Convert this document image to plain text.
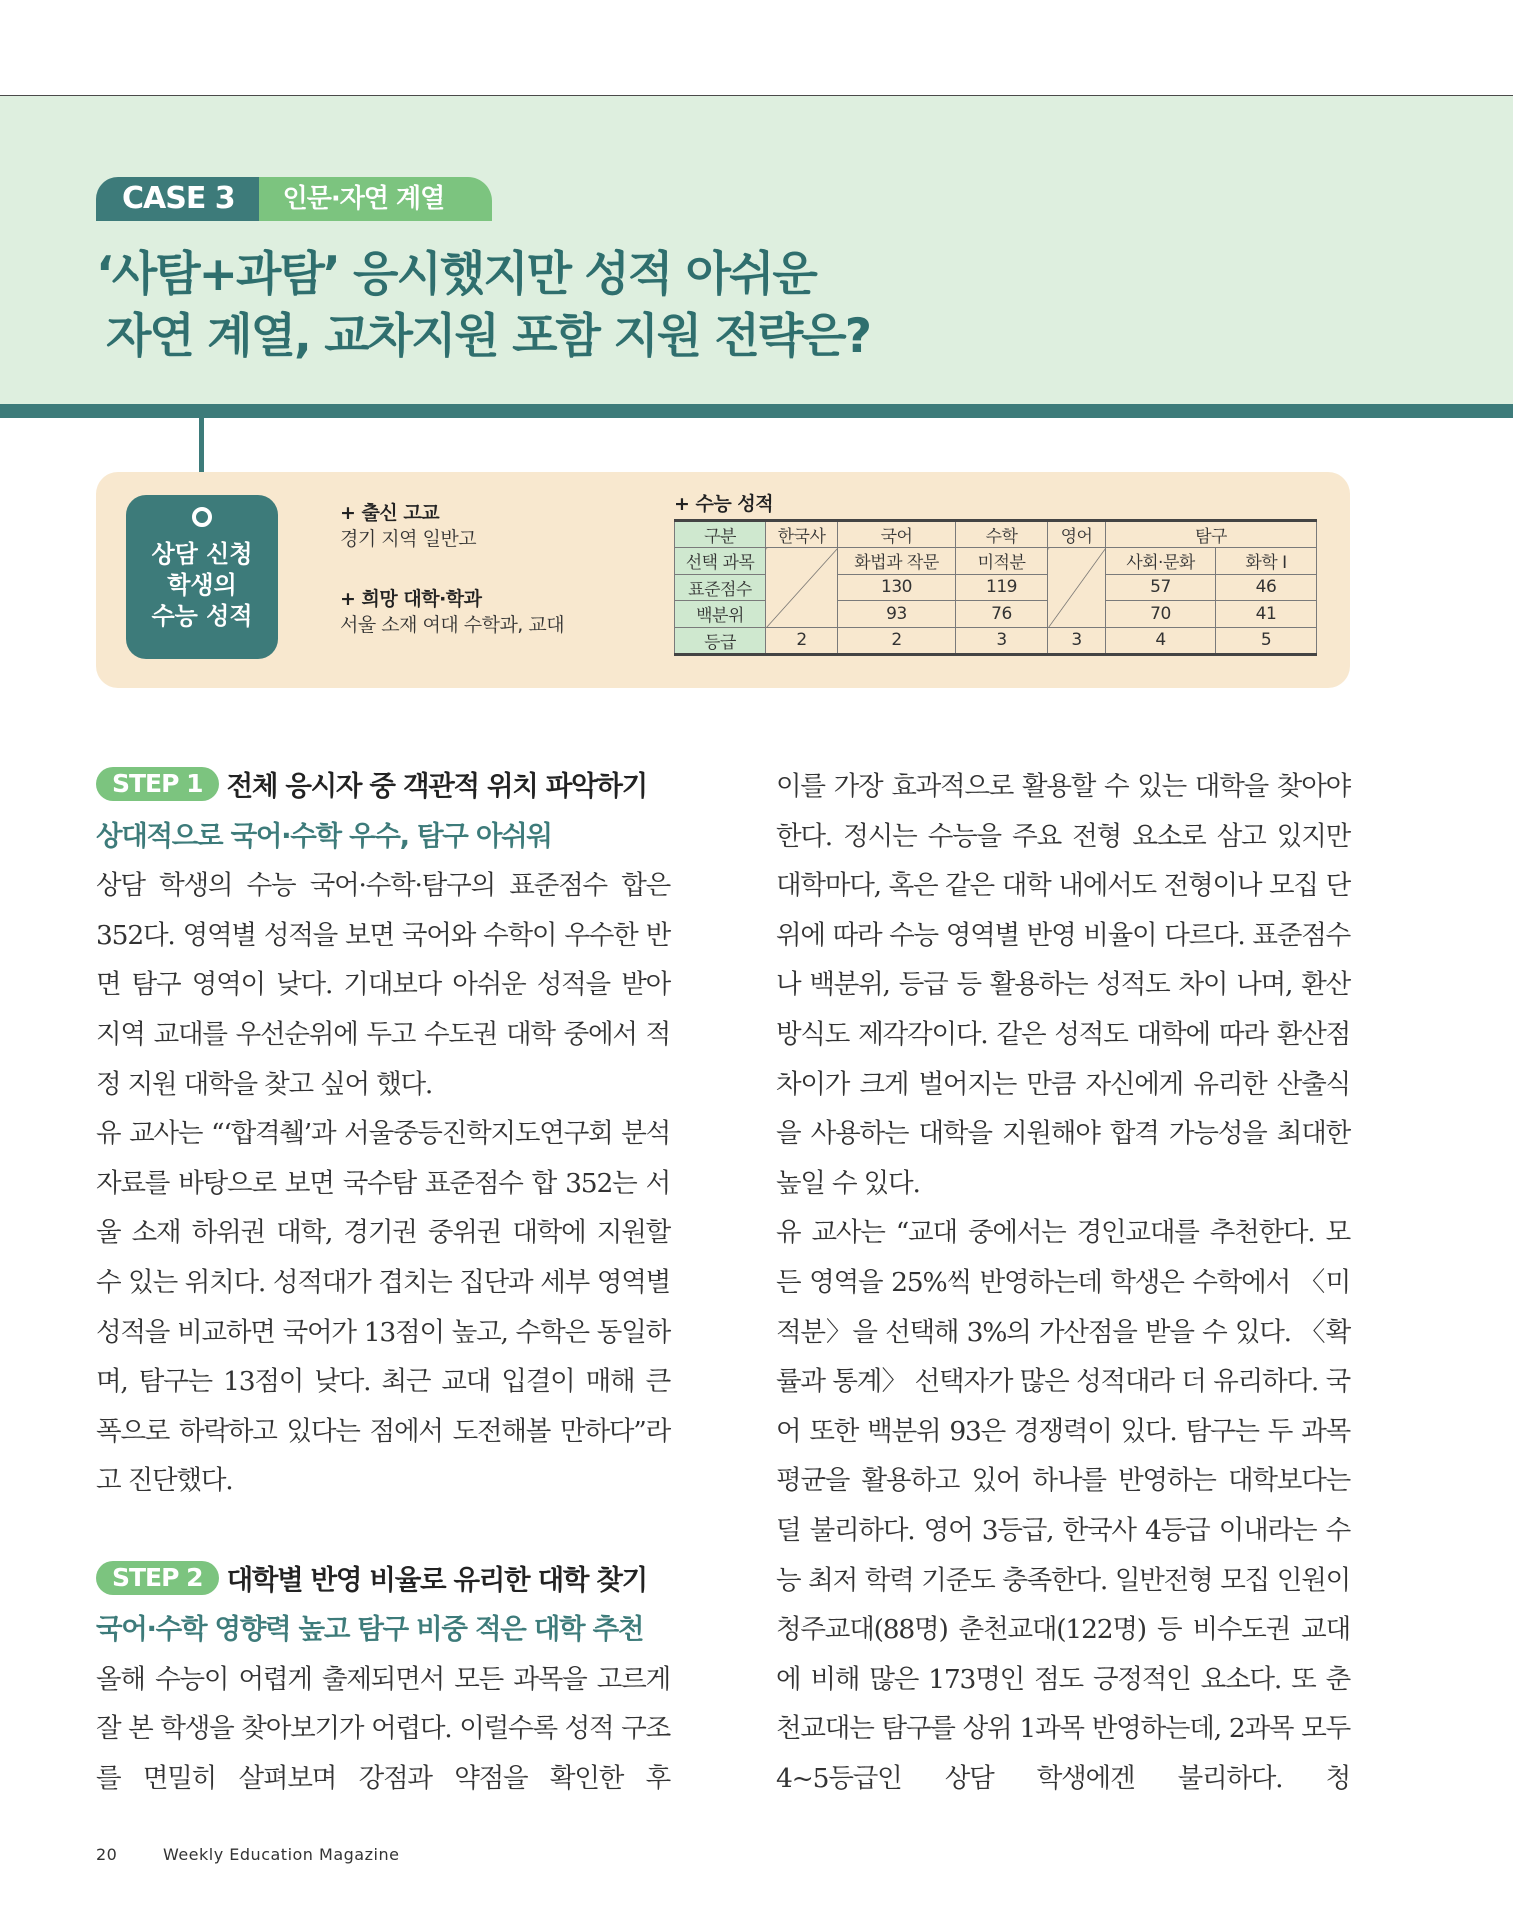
CASE 3	인문·자연 계열
‘사탐+과탐’ 응시했지만 성적 아쉬운
자연 계열, 교차지원 포함 지원 전략은?
상담 신청
학생의
수능 성적
+ 출신 고교
경기 지역 일반고
+ 희망 대학·학과
서울 소재 여대 수학과, 교대
+ 수능 성적
구분	한국사	국어	수학	영어	탐구	
선택 과목		화법과 작문	미적분		사회·문화	화학 Ⅰ
표준점수		130	119		57	46
백분위		93	76		70	41
등급	2	2	3	3	4	5
STEP 1 전체 응시자 중 객관적 위치 파악하기
상대적으로 국어·수학 우수, 탐구 아쉬워

상담 학생의 수능 국어·수학·탐구의 표준점수 합은 352다. 영역별 성적을 보면 국어와 수학이 우수한 반면 탐구 영역이 낮다. 기대보다 아쉬운 성적을 받아 지역 교대를 우선순위에 두고 수도권 대학 중에서 적정 지원 대학을 찾고 싶어 했다.

유 교사는 “‘합격췤’과 서울중등진학지도연구회 분석 자료를 바탕으로 보면 국수탐 표준점수 합 352는 서울 소재 하위권 대학, 경기권 중위권 대학에 지원할 수 있는 위치다. 성적대가 겹치는 집단과 세부 영역별 성적을 비교하면 국어가 13점이 높고, 수학은 동일하며, 탐구는 13점이 낮다. 최근 교대 입결이 매해 큰 폭으로 하락하고 있다는 점에서 도전해볼 만하다”라고 진단했다.

STEP 2 대학별 반영 비율로 유리한 대학 찾기
국어·수학 영향력 높고 탐구 비중 적은 대학 추천

올해 수능이 어렵게 출제되면서 모든 과목을 고르게 잘 본 학생을 찾아보기가 어렵다. 이럴수록 성적 구조를 면밀히 살펴보며 강점과 약점을 확인한 후

이를 가장 효과적으로 활용할 수 있는 대학을 찾아야 한다. 정시는 수능을 주요 전형 요소로 삼고 있지만 대학마다, 혹은 같은 대학 내에서도 전형이나 모집 단위에 따라 수능 영역별 반영 비율이 다르다. 표준점수나 백분위, 등급 등 활용하는 성적도 차이 나며, 환산 방식도 제각각이다. 같은 성적도 대학에 따라 환산점 차이가 크게 벌어지는 만큼 자신에게 유리한 산출식을 사용하는 대학을 지원해야 합격 가능성을 최대한 높일 수 있다.

유 교사는 “교대 중에서는 경인교대를 추천한다. 모든 영역을 25%씩 반영하는데 학생은 수학에서 〈미적분〉을 선택해 3%의 가산점을 받을 수 있다. 〈확률과 통계〉 선택자가 많은 성적대라 더 유리하다. 국어 또한 백분위 93은 경쟁력이 있다. 탐구는 두 과목 평균을 활용하고 있어 하나를 반영하는 대학보다는 덜 불리하다. 영어 3등급, 한국사 4등급 이내라는 수능 최저 학력 기준도 충족한다. 일반전형 모집 인원이 청주교대(88명) 춘천교대(122명) 등 비수도권 교대에 비해 많은 173명인 점도 긍정적인 요소다. 또 춘천교대는 탐구를 상위 1과목 반영하는데, 2과목 모두 4~5등급인 상담 학생에겐 불리하다. 청

20	Weekly Education Magazine
